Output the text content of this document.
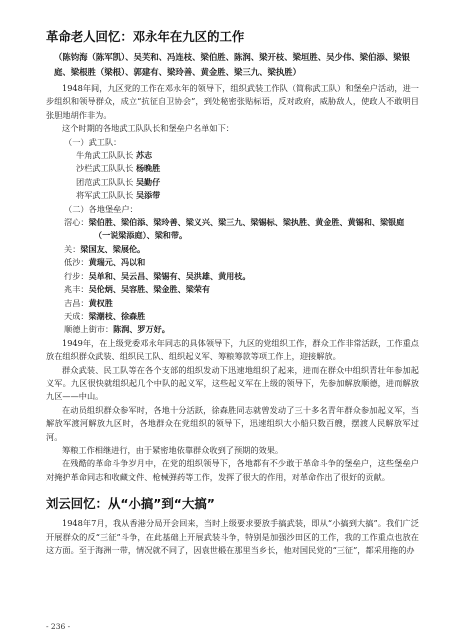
革命老人回忆：邓永年在九区的工作
（陈钧海（陈军凯）、吴芙和、冯连枝、梁伯胜、陈润、梁开枝、梁垣胜、吴少伟、梁伯添、梁银庭、梁根胜（梁根）、郭建有、梁玲善、黄金胜、梁三九、梁执胜）

1948年间，九区党的工作在邓永年的领导下，组织武装工作队（简称武工队）和堡垒户活动，进一步组织和领导群众，成立“抗征自卫协会”，到处秘密张贴标语，反对政府，威胁敌人，使政人不敢明目张胆地胡作非为。

这个时期的各地武工队队长和堡垒户名单如下：

（一）武工队：
牛角武工队队长 苏志
沙栏武工队队长 杨晚胜
团范武工队队长 吴勤仔
将军武工队队长 吴添带
（二）各地堡垒户：
滘心：梁伯胜、梁伯添、梁玲善、梁义兴、梁三九、梁锡标、梁执胜、黄金胜、黄锡和、梁银庭（一说梁添庭）、梁和带。
关：梁国友、梁展伦。
低沙：黄瑞元、冯以和
行步：吴单和、吴云昌、梁锡有、吴洪雄、黄用枝。
兆丰：吴伦炳、吴容胜、梁金胜、梁荣有
吉昌：黄权胜
天成：梁潮枝、徐森胜
顺德上街市：陈润、罗万好。

1949年，在上级党委邓永年同志的具体领导下，九区的党组织工作，群众工作非常活跃，工作重点放在组织群众武装、组织民工队、组织起义军、筹粮筹款等项工作上，迎接解放。

群众武装、民工队等在各个支部的组织发动下迅速地组织了起来，进而在群众中组织青壮年参加起义军。九区很快就组织起几个中队的起义军，这些起义军在上级的领导下，先参加解放顺德，进而解放九区——中山。

在动员组织群众参军时，各地十分活跃，徐森胜同志就曾发动了三十多名青年群众参加起义军，当解放军渡河解放九区时，各地群众在党组织的领导下，迅速组织大小船只数百艘，摆渡人民解放军过河。

筹粮工作相继进行，由于紧密地依靠群众收到了预期的效果。

在残酷的革命斗争岁月中，在党的组织领导下，各地都有不少敢于革命斗争的堡垒户，这些堡垒户对掩护革命同志和收藏文件、枪械弹药等工作，发挥了很大的作用，对革命作出了很好的贡献。

刘云回忆：从“小搞”到“大搞”

1948年7月，我从香港分局开会回来，当时上级要求要放手搞武装，即从“小搞到大搞”。我们广泛开展群众的反“三征”斗争，在此基础上开展武装斗争，特别是加强沙田区的工作，我的工作重点也放在这方面。至于海洲一带，情况就不同了，因袁世椴在那里当乡长，他对国民党的“三征”，都采用拖的办

- 236 -
